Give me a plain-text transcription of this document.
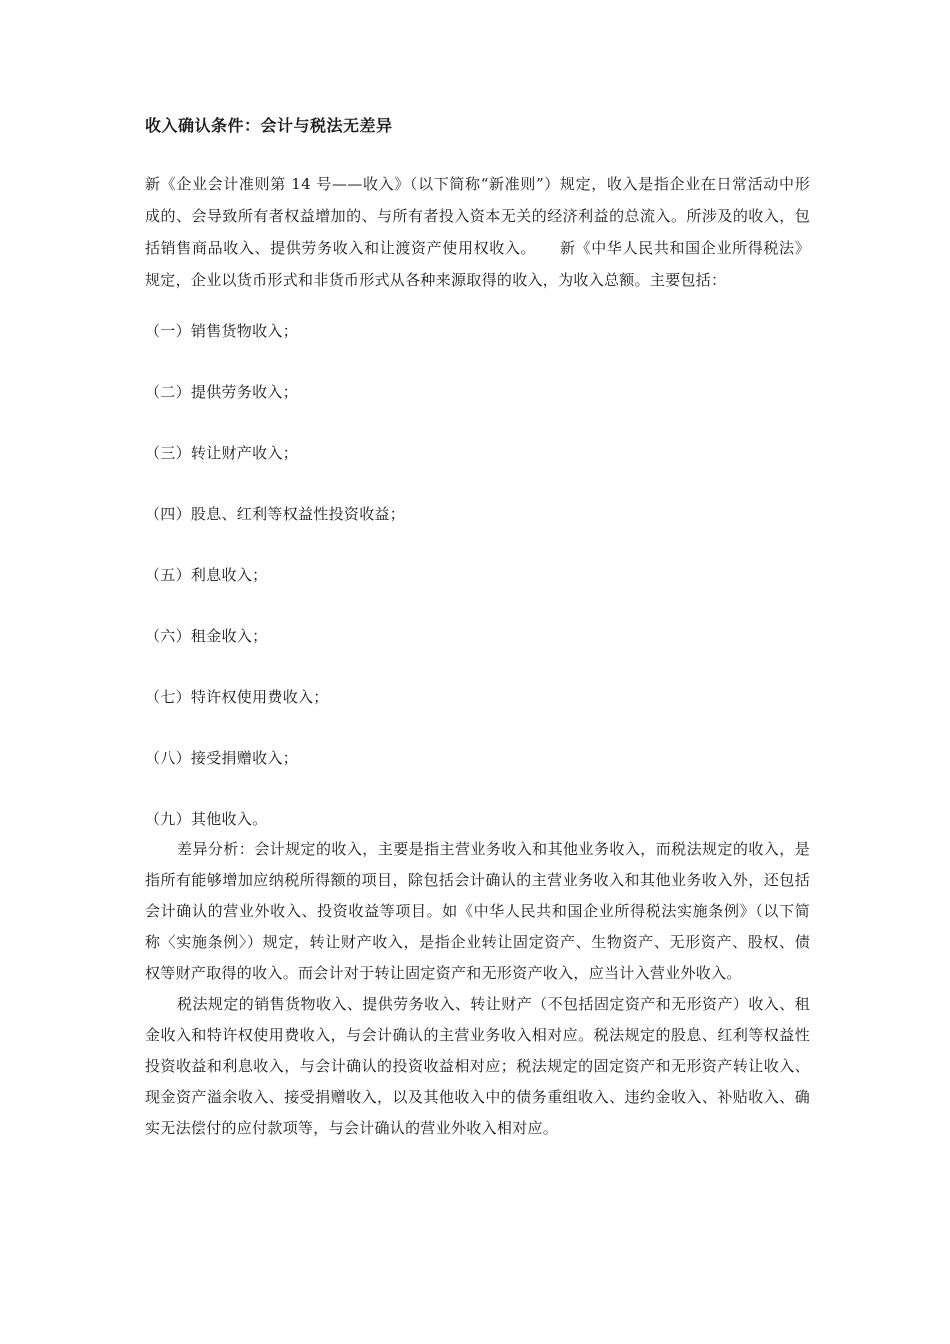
收入确认条件：会计与税法无差异

新《企业会计准则第 14 号——收入》（以下简称“新准则”）规定，收入是指企业在日常活动中形成的、会导致所有者权益增加的、与所有者投入资本无关的经济利益的总流入。所涉及的收入，包括销售商品收入、提供劳务收入和让渡资产使用权收入。　　新《中华人民共和国企业所得税法》规定，企业以货币形式和非货币形式从各种来源取得的收入，为收入总额。主要包括：

（一）销售货物收入；
（二）提供劳务收入；
（三）转让财产收入；
（四）股息、红利等权益性投资收益；
（五）利息收入；
（六）租金收入；
（七）特许权使用费收入；
（八）接受捐赠收入；
（九）其他收入。

差异分析：会计规定的收入，主要是指主营业务收入和其他业务收入，而税法规定的收入，是指所有能够增加应纳税所得额的项目，除包括会计确认的主营业务收入和其他业务收入外，还包括会计确认的营业外收入、投资收益等项目。如《中华人民共和国企业所得税法实施条例》（以下简称〈实施条例〉）规定，转让财产收入，是指企业转让固定资产、生物资产、无形资产、股权、债权等财产取得的收入。而会计对于转让固定资产和无形资产收入，应当计入营业外收入。

税法规定的销售货物收入、提供劳务收入、转让财产（不包括固定资产和无形资产）收入、租金收入和特许权使用费收入，与会计确认的主营业务收入相对应。税法规定的股息、红利等权益性投资收益和利息收入，与会计确认的投资收益相对应；税法规定的固定资产和无形资产转让收入、现金资产溢余收入、接受捐赠收入，以及其他收入中的债务重组收入、违约金收入、补贴收入、确实无法偿付的应付款项等，与会计确认的营业外收入相对应。
